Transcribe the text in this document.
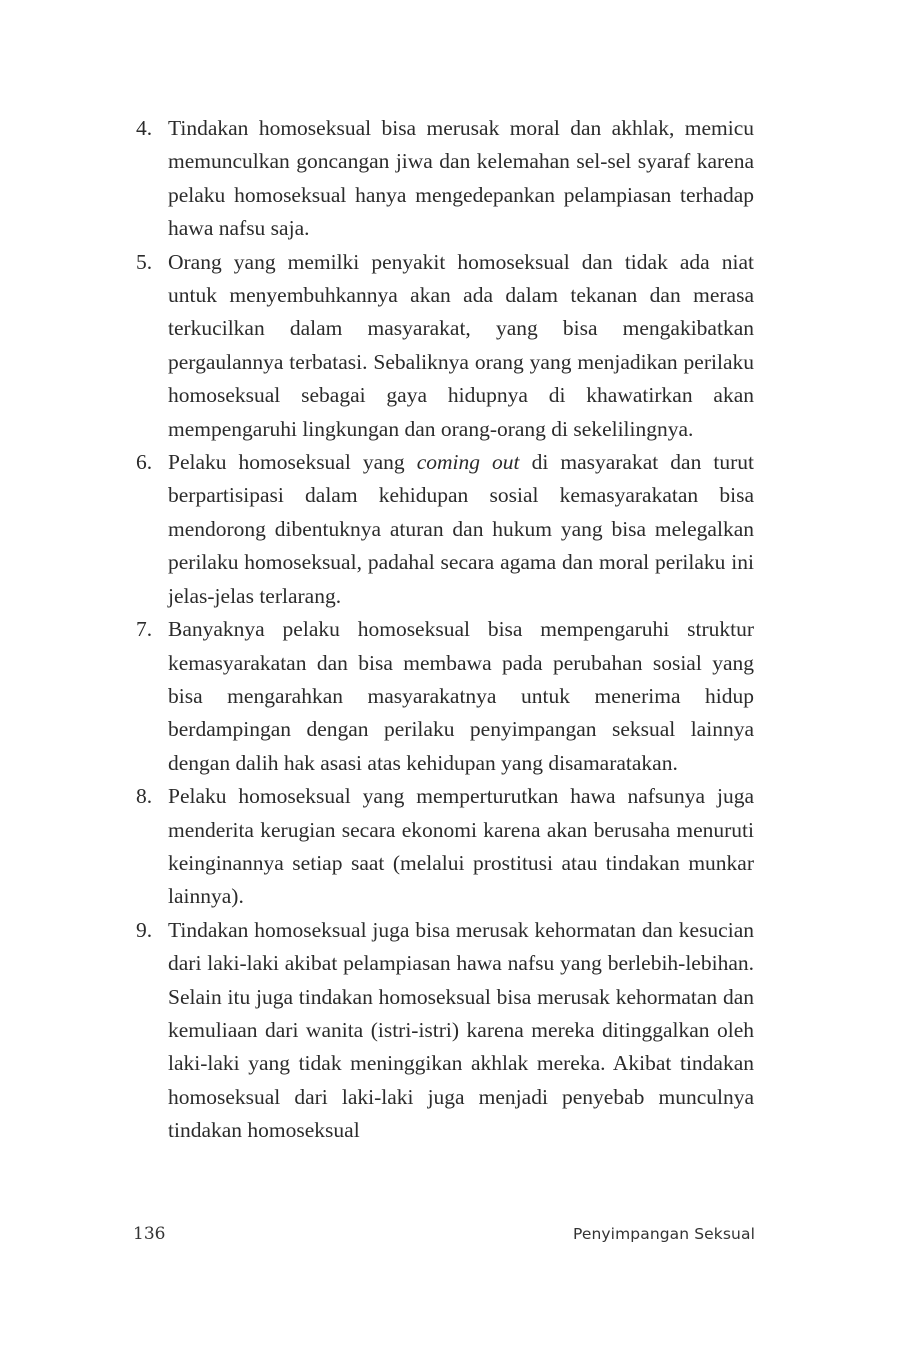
4. Tindakan homoseksual bisa merusak moral dan akhlak, memicu memunculkan goncangan jiwa dan kelemahan sel-sel syaraf karena pelaku homoseksual hanya mengedepankan pelampiasan terhadap hawa nafsu saja.
5. Orang yang memilki penyakit homoseksual dan tidak ada niat untuk menyembuhkannya akan ada dalam tekanan dan merasa terkucilkan dalam masyarakat, yang bisa mengakibatkan pergaulannya terbatasi. Sebaliknya orang yang menjadikan perilaku homoseksual sebagai gaya hidupnya di khawatirkan akan mempengaruhi lingkungan dan orang-orang di sekelilingnya.
6. Pelaku homoseksual yang coming out di masyarakat dan turut berpartisipasi dalam kehidupan sosial kemasyarakatan bisa mendorong dibentuknya aturan dan hukum yang bisa melegalkan perilaku homoseksual, padahal secara agama dan moral perilaku ini jelas-jelas terlarang.
7. Banyaknya pelaku homoseksual bisa mempengaruhi struktur kemasyarakatan dan bisa membawa pada perubahan sosial yang bisa mengarahkan masyarakatnya untuk menerima hidup berdampingan dengan perilaku penyimpangan seksual lainnya dengan dalih hak asasi atas kehidupan yang disamaratakan.
8. Pelaku homoseksual yang memperturutkan hawa nafsunya juga menderita kerugian secara ekonomi karena akan berusaha menuruti keinginannya setiap saat (melalui prostitusi atau tindakan munkar lainnya).
9. Tindakan homoseksual juga bisa merusak kehormatan dan kesucian dari laki-laki akibat pelampiasan hawa nafsu yang berlebih-lebihan. Selain itu juga tindakan homoseksual bisa merusak kehormatan dan kemuliaan dari wanita (istri-istri) karena mereka ditinggalkan oleh laki-laki yang tidak meninggikan akhlak mereka. Akibat tindakan homoseksual dari laki-laki juga menjadi penyebab munculnya tindakan homoseksual
136	Penyimpangan Seksual
